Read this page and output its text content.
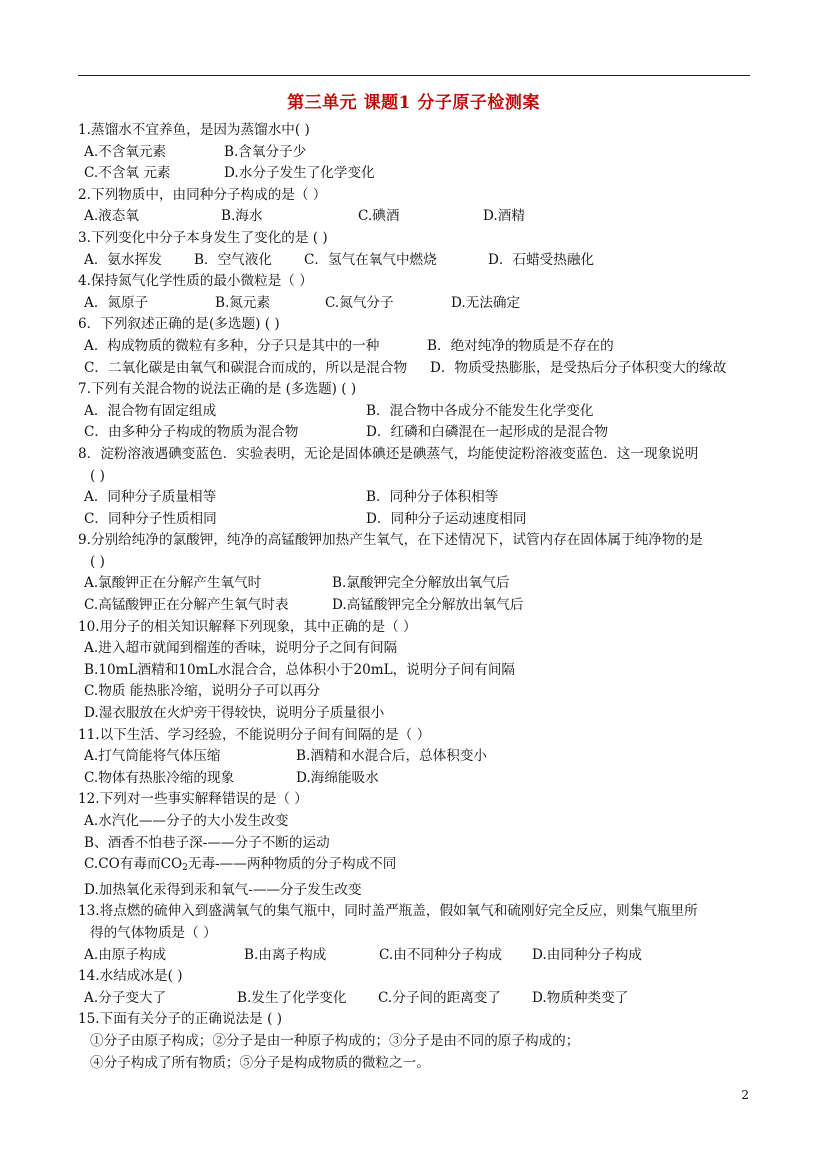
第三单元 课题1 分子原子检测案
1.蒸馏水不宜养鱼，是因为蒸馏水中( )
A.不含氧元素	B.含氧分子少
C.不含氧 元素	D.水分子发生了化学变化
2.下列物质中，由同种分子构成的是（ ）
A.液态氧	B.海水	C.碘酒	D.酒精
3.下列变化中分子本身发生了变化的是 ( )
A．氨水挥发 B．空气液化 C．氢气在氧气中燃烧	D．石蜡受热融化
4.保持氮气化学性质的最小微粒是（ ）
A．氮原子	B.氮元素	C.氮气分子	D.无法确定
6．下列叙述正确的是(多选题) ( )
A．构成物质的微粒有多种，分子只是其中的一种	B．绝对纯净的物质是不存在的
C．二氧化碳是由氧气和碳混合而成的，所以是混合物 D．物质受热膨胀，是受热后分子体积变大的缘故
7.下列有关混合物的说法正确的是 (多选题) ( )
A．混合物有固定组成	B．混合物中各成分不能发生化学变化
C．由多种分子构成的物质为混合物	D．红磷和白磷混在一起形成的是混合物
8．淀粉溶液遇碘变蓝色．实验表明，无论是固体碘还是碘蒸气，均能使淀粉溶液变蓝色．这一现象说明
( )
A．同种分子质量相等	B．同种分子体积相等
C．同种分子性质相同	D．同种分子运动速度相同
9.分别给纯净的氯酸钾，纯净的高锰酸钾加热产生氧气，在下述情况下，试管内存在固体属于纯净物的是
( )
A.氯酸钾正在分解产生氧气时	B.氯酸钾完全分解放出氧气后
C.高锰酸钾正在分解产生氧气时表	D.高锰酸钾完全分解放出氧气后
10.用分子的相关知识解释下列现象，其中正确的是（ ）
A.进入超市就闻到榴莲的香味，说明分子之间有间隔
B.10mL酒精和10mL水混合合，总体积小于20mL，说明分子间有间隔
C.物质 能热胀冷缩，说明分子可以再分
D.湿衣服放在火炉旁干得较快，说明分子质量很小
11.以下生活、学习经验，不能说明分子间有间隔的是（ ）
A.打气筒能将气体压缩	B.酒精和水混合后，总体积变小
C.物体有热胀冷缩的现象	D.海绵能吸水
12.下列对一些事实解释错误的是（ ）
A.水汽化——分子的大小发生改变
B、酒香不怕巷子深-——分子不断的运动
C.CO有毒而CO2无毒-——两种物质的分子构成不同
D.加热氧化汞得到汞和氧气-——分子发生改变
13.将点燃的硫伸入到盛满氧气的集气瓶中，同时盖严瓶盖，假如氧气和硫刚好完全反应，则集气瓶里所
得的气体物质是（ ）
A.由原子构成	B.由离子构成	C.由不同种分子构成 D.由同种分子构成
14.水结成冰是( )
A.分子变大了	B.发生了化学变化 C.分子间的距离变了 D.物质种类变了
15.下面有关分子的正确说法是 ( )
①分子由原子构成；②分子是由一种原子构成的；③分子是由不同的原子构成的；
④分子构成了所有物质；⑤分子是构成物质的微粒之一。
2
